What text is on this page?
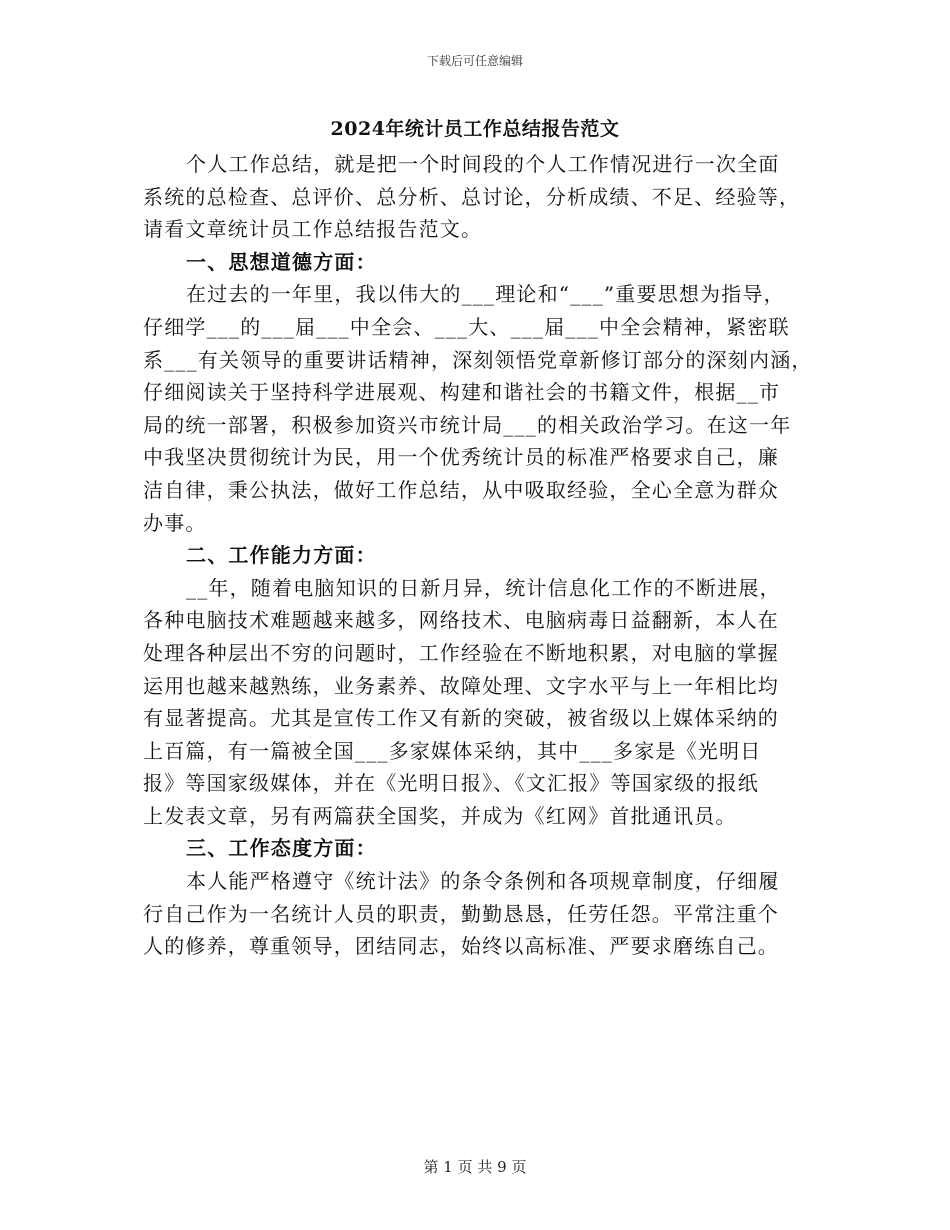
下载后可任意编辑
2024年统计员工作总结报告范文
个人工作总结，就是把一个时间段的个人工作情况进行一次全面
系统的总检查、总评价、总分析、总讨论，分析成绩、不足、经验等，
请看文章统计员工作总结报告范文。
一、思想道德方面：
在过去的一年里，我以伟大的___理论和“___”重要思想为指导，
仔细学___的___届___中全会、___大、___届___中全会精神，紧密联
系___有关领导的重要讲话精神，深刻领悟党章新修订部分的深刻内涵，
仔细阅读关于坚持科学进展观、构建和谐社会的书籍文件，根据__市
局的统一部署，积极参加资兴市统计局___的相关政治学习。在这一年
中我坚决贯彻统计为民，用一个优秀统计员的标准严格要求自己，廉
洁自律，秉公执法，做好工作总结，从中吸取经验，全心全意为群众
办事。
二、工作能力方面：
__年，随着电脑知识的日新月异，统计信息化工作的不断进展，
各种电脑技术难题越来越多，网络技术、电脑病毒日益翻新，本人在
处理各种层出不穷的问题时，工作经验在不断地积累，对电脑的掌握
运用也越来越熟练，业务素养、故障处理、文字水平与上一年相比均
有显著提高。尤其是宣传工作又有新的突破，被省级以上媒体采纳的
上百篇，有一篇被全国___多家媒体采纳，其中___多家是《光明日
报》等国家级媒体，并在《光明日报》、《文汇报》等国家级的报纸
上发表文章，另有两篇获全国奖，并成为《红网》首批通讯员。
三、工作态度方面：
本人能严格遵守《统计法》的条令条例和各项规章制度，仔细履
行自己作为一名统计人员的职责，勤勤恳恳，任劳任怨。平常注重个
人的修养，尊重领导，团结同志，始终以高标准、严要求磨练自己。
第 1 页 共 9 页
